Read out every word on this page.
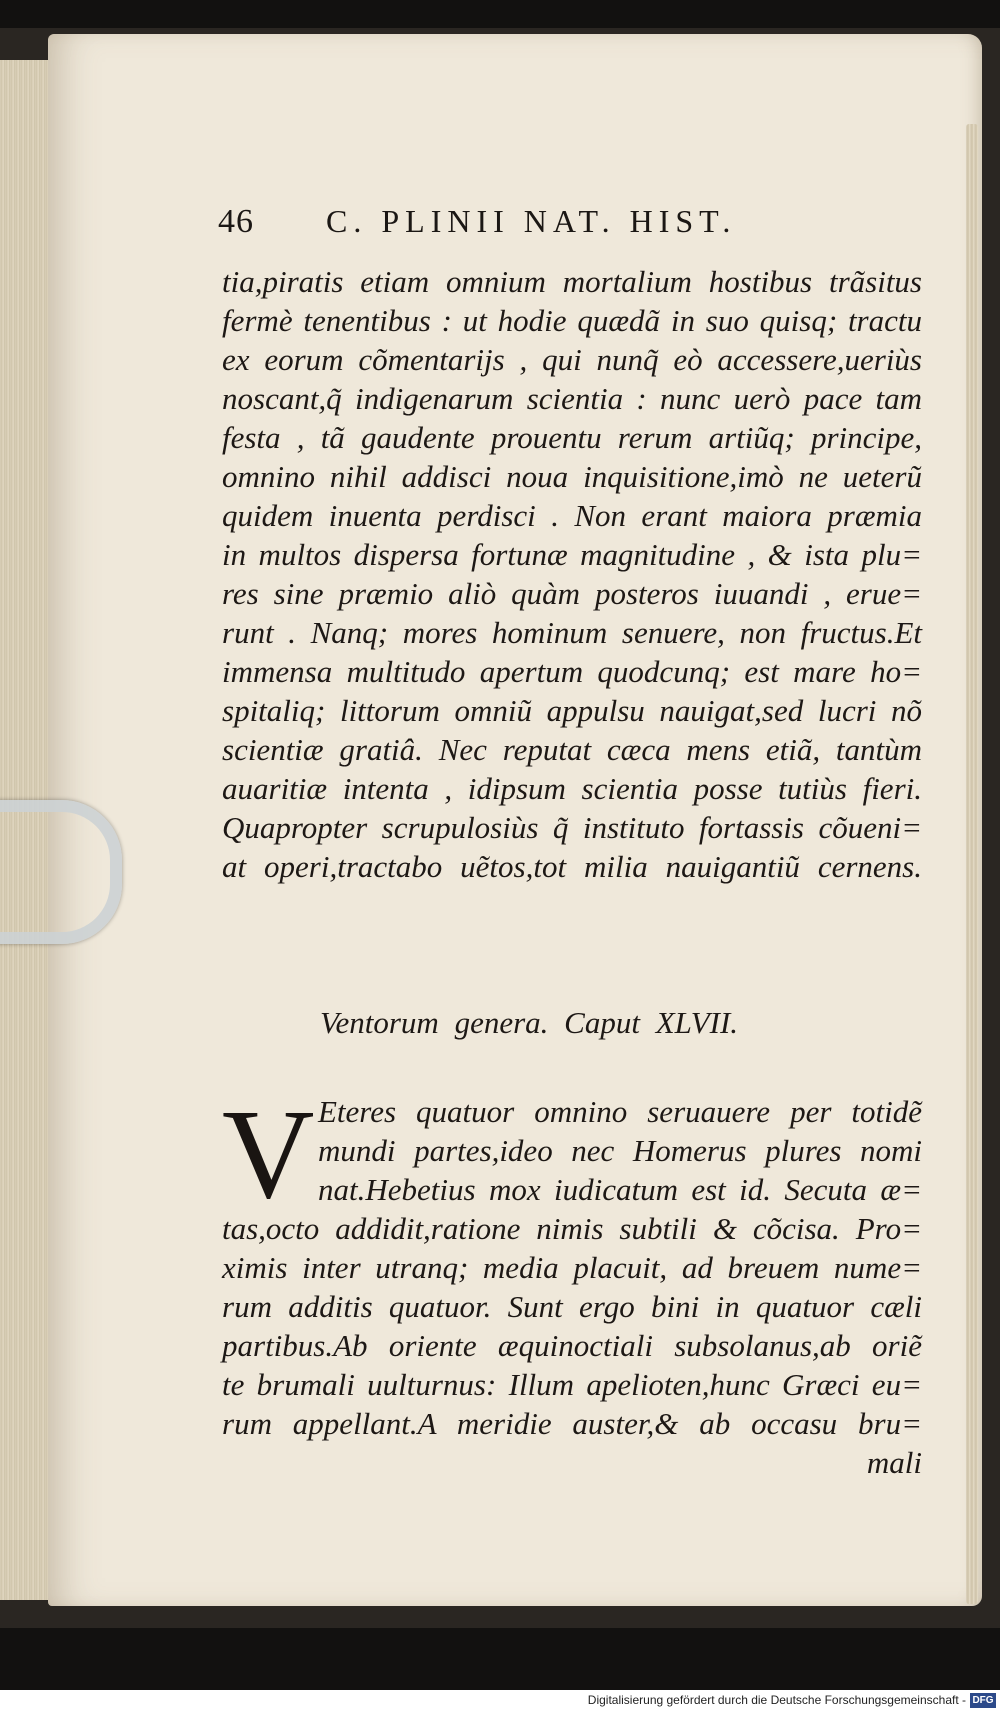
46 C. PLINII NAT. HIST.
tia,piratis etiam omnium mortalium hostibus trãsitus
fermè tenentibus : ut hodie quædã in suo quisq; tractu
ex eorum cõmentarijs , qui nunq̃ eò accessere,ueriùs
noscant,q̃ indigenarum scientia : nunc uerò pace tam
festa , tã gaudente prouentu rerum artiũq; principe,
omnino nihil addisci noua inquisitione,imò ne ueterũ
quidem inuenta perdisci . Non erant maiora præmia
in multos dispersa fortunæ magnitudine , & ista plu=
res sine præmio aliò quàm posteros iuuandi , erue=
runt . Nanq; mores hominum senuere, non fructus.Et
immensa multitudo apertum quodcunq; est mare ho=
spitaliq; littorum omniũ appulsu nauigat,sed lucri nõ
scientiæ gratiâ. Nec reputat cæca mens etiã, tantùm
auaritiæ intenta , idipsum scientia posse tutiùs fieri.
Quapropter scrupulosiùs q̃ instituto fortassis cõueni=
at operi,tractabo uẽtos,tot milia nauigantiũ cernens.
Ventorum genera. Caput XLVII.
V Eteres quatuor omnino seruauere per totidẽ
mundi partes,ideo nec Homerus plures nomi
nat.Hebetius mox iudicatum est id. Secuta æ=
tas,octo addidit,ratione nimis subtili & cõcisa. Pro=
ximis inter utranq; media placuit, ad breuem nume=
rum additis quatuor. Sunt ergo bini in quatuor cæli
partibus.Ab oriente æquinoctiali subsolanus,ab oriẽ
te brumali uulturnus: Illum apelioten,hunc Græci eu=
rum appellant.A meridie auster,& ab occasu bru=
mali
Digitalisierung gefördert durch die Deutsche Forschungsgemeinschaft - DFG
